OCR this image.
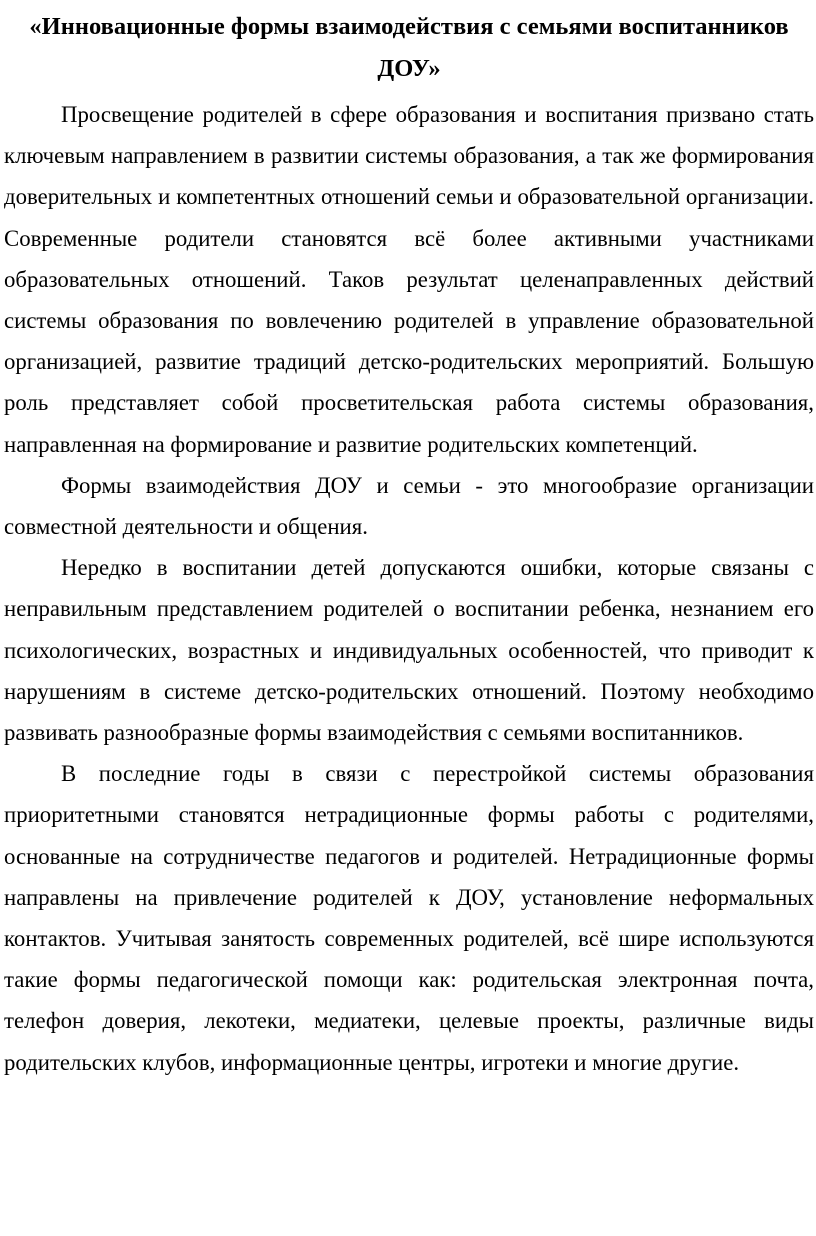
«Инновационные формы взаимодействия с семьями воспитанников ДОУ»

Просвещение родителей в сфере образования и воспитания призвано стать ключевым направлением в развитии системы образования, а так же формирования доверительных и компетентных отношений семьи и образовательной организации. Современные родители становятся всё более активными участниками образовательных отношений. Таков результат целенаправленных действий системы образования по вовлечению родителей в управление образовательной организацией, развитие традиций детско-родительских мероприятий. Большую роль представляет собой просветительская работа системы образования, направленная на формирование и развитие родительских компетенций.

Формы взаимодействия ДОУ и семьи - это многообразие организации совместной деятельности и общения.

Нередко в воспитании детей допускаются ошибки, которые связаны с неправильным представлением родителей о воспитании ребенка, незнанием его психологических, возрастных и индивидуальных особенностей, что приводит к нарушениям в системе детско-родительских отношений. Поэтому необходимо развивать разнообразные формы взаимодействия с семьями воспитанников.

В последние годы в связи с перестройкой системы образования приоритетными становятся нетрадиционные формы работы с родителями, основанные на сотрудничестве педагогов и родителей. Нетрадиционные формы направлены на привлечение родителей к ДОУ, установление неформальных контактов. Учитывая занятость современных родителей, всё шире используются такие формы педагогической помощи как: родительская электронная почта, телефон доверия, лекотеки, медиатеки, целевые проекты, различные виды родительских клубов, информационные центры, игротеки и многие другие.
